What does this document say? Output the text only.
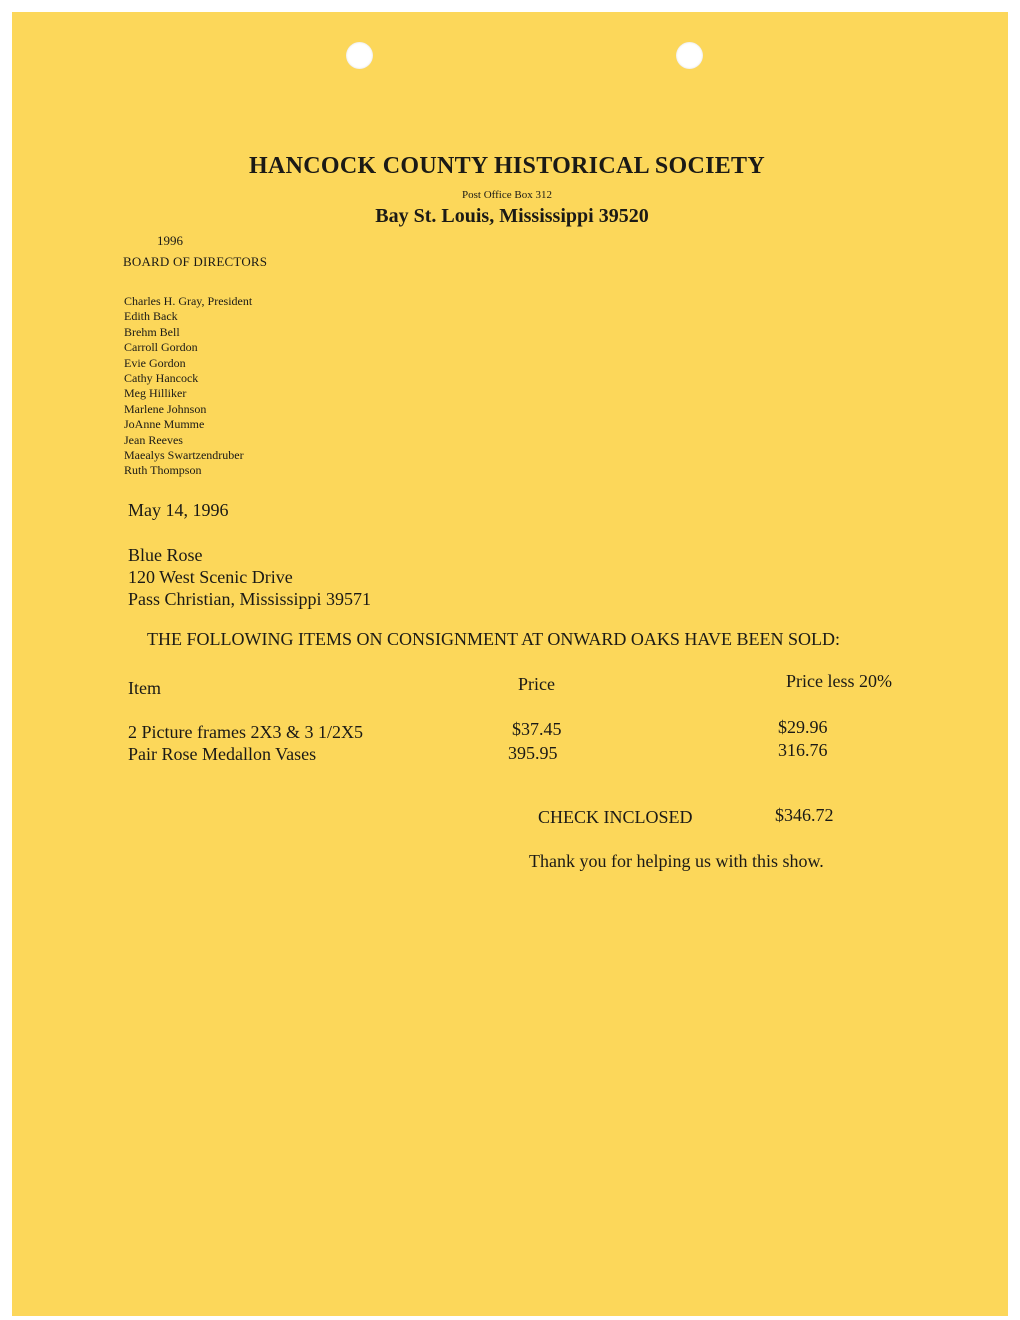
HANCOCK COUNTY HISTORICAL SOCIETY
Post Office Box 312
Bay St. Louis, Mississippi 39520
1996
BOARD OF DIRECTORS
Charles H. Gray, President
Edith Back
Brehm Bell
Carroll Gordon
Evie Gordon
Cathy Hancock
Meg Hilliker
Marlene Johnson
JoAnne Mumme
Jean Reeves
Maealys Swartzendruber
Ruth Thompson
May 14, 1996
Blue Rose
120 West Scenic Drive
Pass Christian, Mississippi 39571
THE FOLLOWING ITEMS ON CONSIGNMENT AT ONWARD OAKS HAVE BEEN SOLD:
Item	Price	Price less 20%
2 Picture frames 2X3 & 3 1/2X5	$37.45	$29.96
Pair Rose Medallon Vases	395.95	316.76
CHECK INCLOSED	$346.72
Thank you for helping us with this show.
